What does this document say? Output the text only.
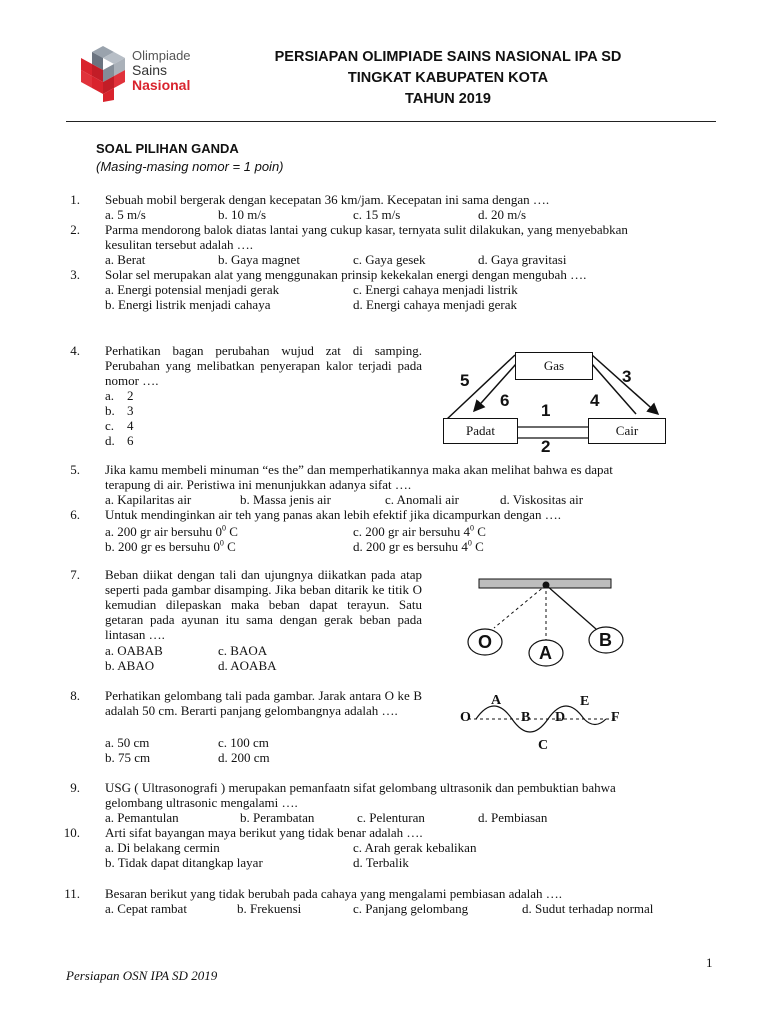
Olimpiade
Sains
Nasional
PERSIAPAN OLIMPIADE SAINS NASIONAL IPA SD
TINGKAT KABUPATEN KOTA
TAHUN 2019
SOAL PILIHAN GANDA
(Masing-masing nomor = 1 poin)
1. Sebuah mobil bergerak dengan kecepatan 36 km/jam. Kecepatan ini sama dengan ….
a. 5 m/s	b. 10 m/s	c. 15 m/s	d. 20 m/s
2. Parma mendorong balok diatas lantai yang cukup kasar, ternyata sulit dilakukan, yang menyebabkan
kesulitan tersebut adalah ….
a. Berat	b. Gaya magnet	c. Gaya gesek	d. Gaya gravitasi
3. Solar sel merupakan alat yang menggunakan prinsip kekekalan energi dengan mengubah ….
a. Energi potensial menjadi gerak	c. Energi cahaya menjadi listrik
b. Energi listrik menjadi cahaya	d. Energi cahaya menjadi gerak
4. Perhatikan bagan perubahan wujud zat di samping. Perubahan yang melibatkan penyerapan kalor terjadi pada nomor ….
a. 2
b. 3
c. 4
d. 6
Gas
Padat	Cair
1
2
3
4
5
6
5. Jika kamu membeli minuman “es the” dan memperhatikannya maka akan melihat bahwa es dapat
terapung di air. Peristiwa ini menunjukkan adanya sifat ….
a. Kapilaritas air	b. Massa jenis air	c. Anomali air	d. Viskositas air
6. Untuk mendinginkan air teh yang panas akan lebih efektif jika dicampurkan dengan ….
a. 200 gr air bersuhu $0^0$ C	c. 200 gr air bersuhu $4^0$ C
b. 200 gr es bersuhu $0^0$ C	d. 200 gr es bersuhu $4^0$ C
7. Beban diikat dengan tali dan ujungnya diikatkan pada atap seperti pada gambar disamping. Jika beban ditarik ke titik O kemudian dilepaskan maka beban dapat terayun. Satu getaran pada ayunan itu sama dengan gerak beban pada lintasan ….
a. OABAB	c. BAOA
b. ABAO	d. AOABA
O
A
B
8. Perhatikan gelombang tali pada gambar. Jarak antara O ke B adalah 50 cm. Berarti panjang gelombangnya adalah ….
a. 50 cm	c. 100 cm
b. 75 cm	d. 200 cm
O
A
B
C
D
E
F
9. USG ( Ultrasonografi ) merupakan pemanfaatn sifat gelombang ultrasonik dan pembuktian bahwa
gelombang ultrasonic mengalami ….
a. Pemantulan	b. Perambatan	c. Pelenturan	d. Pembiasan
10. Arti sifat bayangan maya berikut yang tidak benar adalah ….
a. Di belakang cermin	c. Arah gerak kebalikan
b. Tidak dapat ditangkap layar	d. Terbalik
11. Besaran berikut yang tidak berubah pada cahaya yang mengalami pembiasan adalah ….
a. Cepat rambat	b. Frekuensi	c. Panjang gelombang	d. Sudut terhadap normal
1
Persiapan OSN IPA SD 2019
